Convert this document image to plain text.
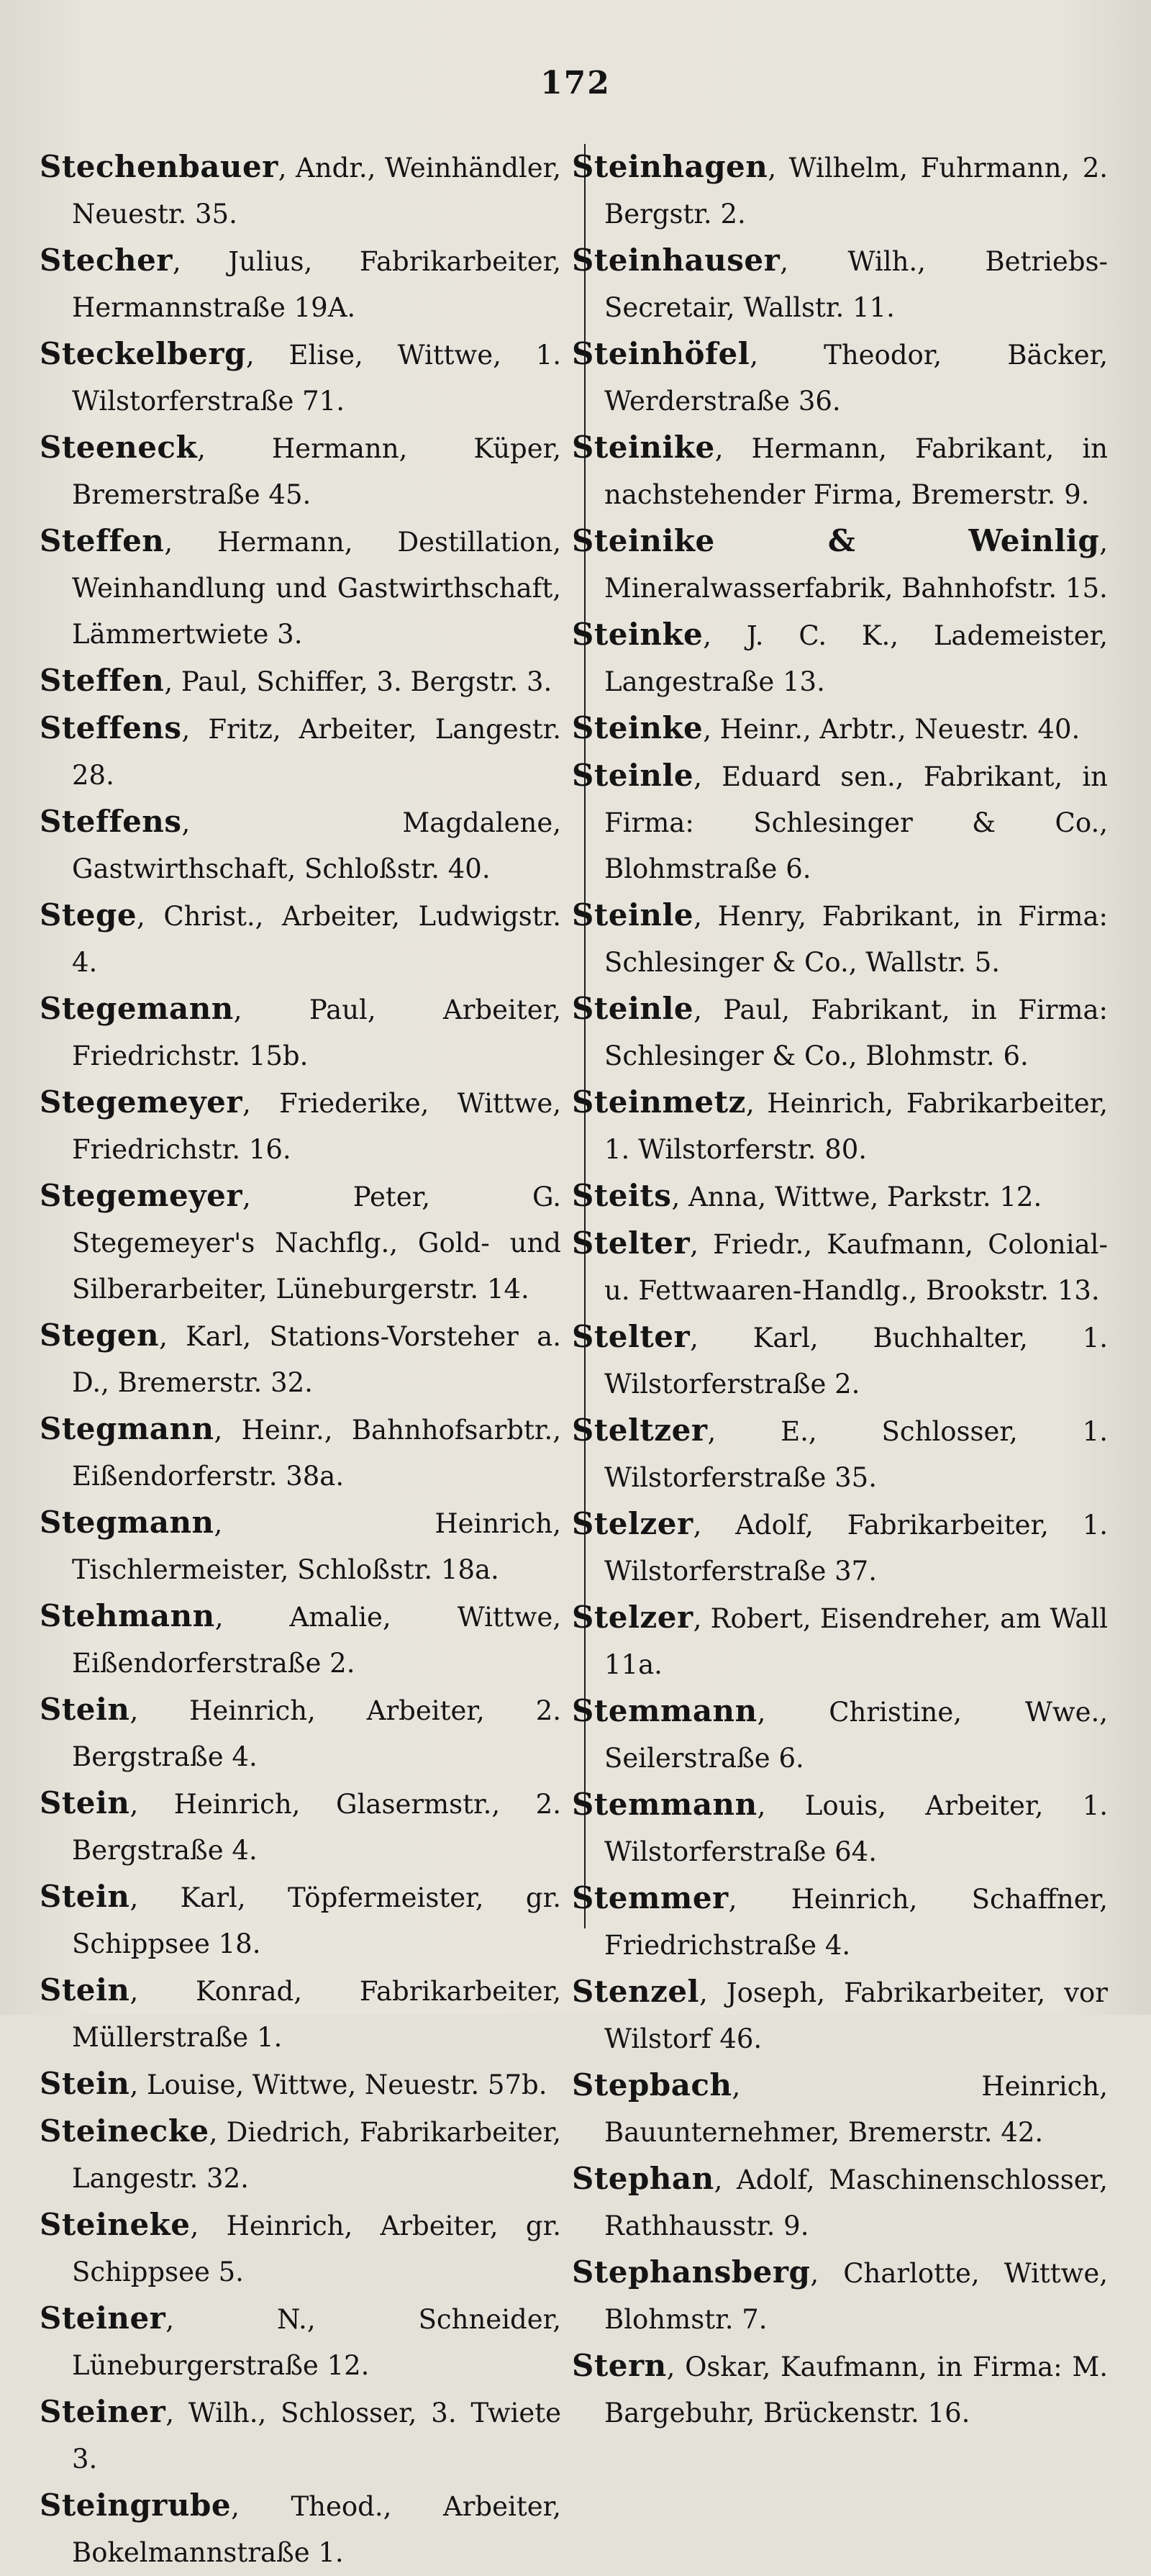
172

Stechenbauer, Andr., Weinhändler, Neuestr. 35.

Stecher, Julius, Fabrikarbeiter, Hermannstraße 19A.

Steckelberg, Elise, Wittwe, 1. Wilstorferstraße 71.

Steeneck, Hermann, Küper, Bremerstraße 45.

Steffen, Hermann, Destillation, Weinhandlung und Gastwirthschaft, Lämmertwiete 3.

Steffen, Paul, Schiffer, 3. Bergstr. 3.

Steffens, Fritz, Arbeiter, Langestr. 28.

Steffens, Magdalene, Gastwirthschaft, Schloßstr. 40.

Stege, Christ., Arbeiter, Ludwigstr. 4.

Stegemann, Paul, Arbeiter, Friedrichstr. 15b.

Stegemeyer, Friederike, Wittwe, Friedrichstr. 16.

Stegemeyer, Peter, G. Stegemeyer's Nachflg., Gold- und Silberarbeiter, Lüneburgerstr. 14.

Stegen, Karl, Stations-Vorsteher a. D., Bremerstr. 32.

Stegmann, Heinr., Bahnhofsarbtr., Eißendorferstr. 38a.

Stegmann, Heinrich, Tischlermeister, Schloßstr. 18a.

Stehmann, Amalie, Wittwe, Eißendorferstraße 2.

Stein, Heinrich, Arbeiter, 2. Bergstraße 4.

Stein, Heinrich, Glasermstr., 2. Bergstraße 4.

Stein, Karl, Töpfermeister, gr. Schippsee 18.

Stein, Konrad, Fabrikarbeiter, Müllerstraße 1.

Stein, Louise, Wittwe, Neuestr. 57b.

Steinecke, Diedrich, Fabrikarbeiter, Langestr. 32.

Steineke, Heinrich, Arbeiter, gr. Schippsee 5.

Steiner, N., Schneider, Lüneburgerstraße 12.

Steiner, Wilh., Schlosser, 3. Twiete 3.

Steingrube, Theod., Arbeiter, Bokelmannstraße 1.

Steinhagen, Wilhelm, Fuhrmann, 2. Bergstr. 2.

Steinhauser, Wilh., Betriebs-Secretair, Wallstr. 11.

Steinhöfel, Theodor, Bäcker, Werderstraße 36.

Steinike, Hermann, Fabrikant, in nachstehender Firma, Bremerstr. 9.

Steinike & Weinlig, Mineralwasserfabrik, Bahnhofstr. 15.

Steinke, J. C. K., Lademeister, Langestraße 13.

Steinke, Heinr., Arbtr., Neuestr. 40.

Steinle, Eduard sen., Fabrikant, in Firma: Schlesinger & Co., Blohmstraße 6.

Steinle, Henry, Fabrikant, in Firma: Schlesinger & Co., Wallstr. 5.

Steinle, Paul, Fabrikant, in Firma: Schlesinger & Co., Blohmstr. 6.

Steinmetz, Heinrich, Fabrikarbeiter, 1. Wilstorferstr. 80.

Steits, Anna, Wittwe, Parkstr. 12.

Stelter, Friedr., Kaufmann, Colonial- u. Fettwaaren-Handlg., Brookstr. 13.

Stelter, Karl, Buchhalter, 1. Wilstorferstraße 2.

Steltzer, E., Schlosser, 1. Wilstorferstraße 35.

Stelzer, Adolf, Fabrikarbeiter, 1. Wilstorferstraße 37.

Stelzer, Robert, Eisendreher, am Wall 11a.

Stemmann, Christine, Wwe., Seilerstraße 6.

Stemmann, Louis, Arbeiter, 1. Wilstorferstraße 64.

Stemmer, Heinrich, Schaffner, Friedrichstraße 4.

Stenzel, Joseph, Fabrikarbeiter, vor Wilstorf 46.

Stepbach, Heinrich, Bauunternehmer, Bremerstr. 42.

Stephan, Adolf, Maschinenschlosser, Rathhausstr. 9.

Stephansberg, Charlotte, Wittwe, Blohmstr. 7.

Stern, Oskar, Kaufmann, in Firma: M. Bargebuhr, Brückenstr. 16.
